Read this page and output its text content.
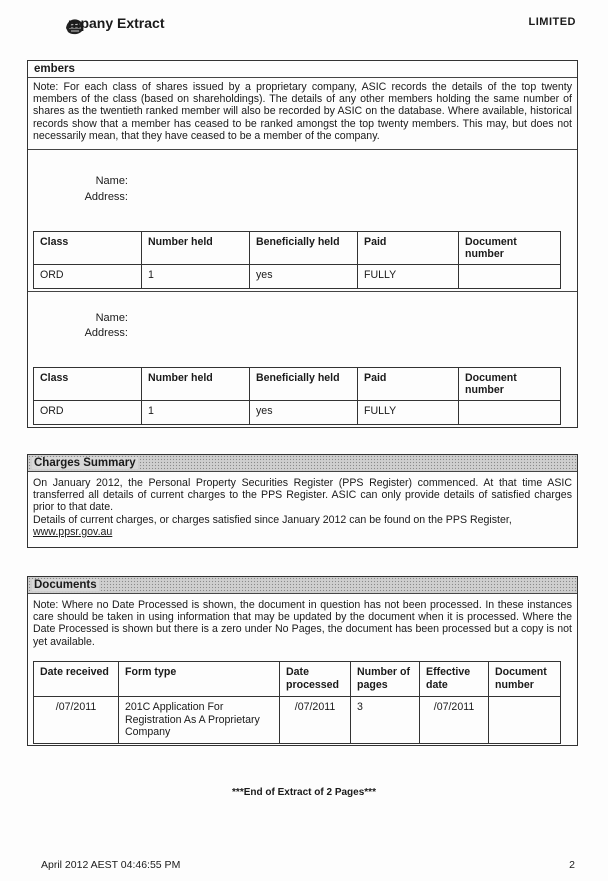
mpany Extract	LIMITED
embers
Note: For each class of shares issued by a proprietary company, ASIC records the details of the top twenty members of the class (based on shareholdings). The details of any other members holding the same number of shares as the twentieth ranked member will also be recorded by ASIC on the database. Where available, historical records show that a member has ceased to be ranked amongst the top twenty members. This may, but does not necessarily mean, that they have ceased to be a member of the company.
Name:
Address:
Class	Number held	Beneficially held	Paid	Document number
ORD	1	yes	FULLY	
Name:
Address:
Class	Number held	Beneficially held	Paid	Document number
ORD	1	yes	FULLY	
Charges Summary

On January 2012, the Personal Property Securities Register (PPS Register) commenced. At that time ASIC transferred all details of current charges to the PPS Register. ASIC can only provide details of satisfied charges prior to that date.

Details of current charges, or charges satisfied since January 2012 can be found on the PPS Register,

www.ppsr.gov.au

Documents
Note: Where no Date Processed is shown, the document in question has not been processed. In these instances care should be taken in using information that may be updated by the document when it is processed. Where the Date Processed is shown but there is a zero under No Pages, the document has been processed but a copy is not yet available.
Date received	Form type	Date processed	Number of pages	Effective date	Document number
/07/2011	201C Application For Registration As A Proprietary Company	/07/2011	3	/07/2011	
***End of Extract of 2 Pages***
April 2012 AEST 04:46:55 PM	2
